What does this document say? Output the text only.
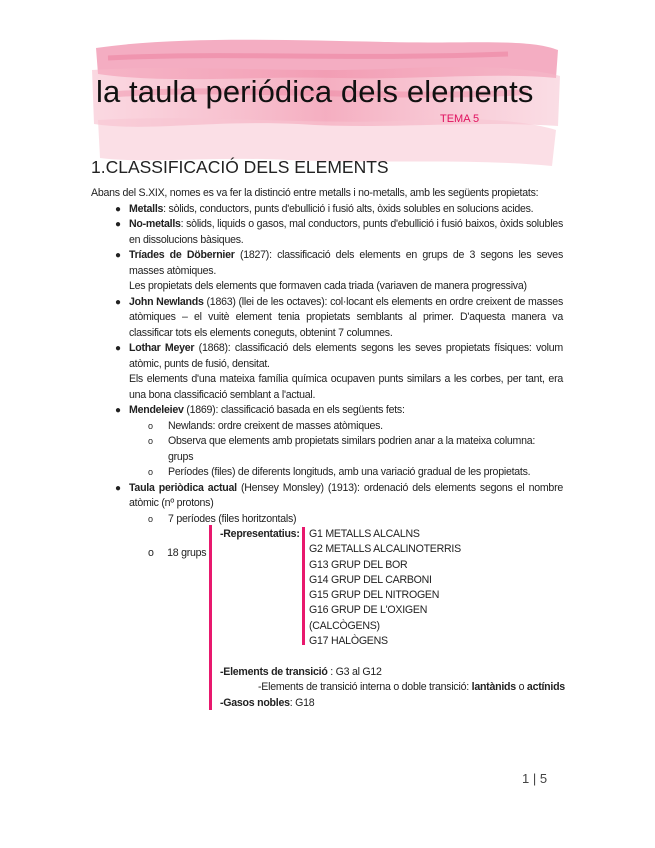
la taula periódica dels elements
TEMA 5
1.CLASSIFICACIÓ DELS ELEMENTS

Abans del S.XIX, nomes es va fer la distinció entre metalls i no-metalls, amb les següents propietats:

● Metalls: sòlids, conductors, punts d'ebullició i fusió alts, òxids solubles en solucions acides.

● No-metalls: sòlids, liquids o gasos, mal conductors, punts d'ebullició i fusió baixos, òxids solubles en dissolucions bàsiques.

● Tríades de Döbernier (1827): classificació dels elements en grups de 3 segons les seves masses atòmiques.

Les propietats dels elements que formaven cada triada (variaven de manera progressiva)

● John Newlands (1863) (llei de les octaves): col·locant els elements en ordre creixent de masses atòmiques – el vuitè element tenia propietats semblants al primer. D'aquesta manera va classificar tots els elements coneguts, obtenint 7 columnes.

● Lothar Meyer (1868): classificació dels elements segons les seves propietats físiques: volum atòmic, punts de fusió, densitat.

Els elements d'una mateixa família química ocupaven punts similars a les corbes, per tant, era una bona classificació semblant a l'actual.

● Mendeleiev (1869): classificació basada en els següents fets:

o Newlands: ordre creixent de masses atòmiques.

o Observa que elements amb propietats similars podrien anar a la mateixa columna: grups

o Períodes (files) de diferents longituds, amb una variació gradual de les propietats.

● Taula periòdica actual (Hensey Monsley) (1913): ordenació dels elements segons el nombre atòmic (nº protons)

o 7 períodes (files horitzontals)

o 18 grups
-Representatius: G1 METALLS ALCALNS
G2 METALLS ALCALINOTERRIS
G13 GRUP DEL BOR
G14 GRUP DEL CARBONI
G15 GRUP DEL NITROGEN
G16 GRUP DE L'OXIGEN
(CALCÒGENS)
G17 HALÒGENS
-Elements de transició : G3 al G12
-Elements de transició interna o doble transició: lantànids o actínids
-Gasos nobles: G18
1 | 5
